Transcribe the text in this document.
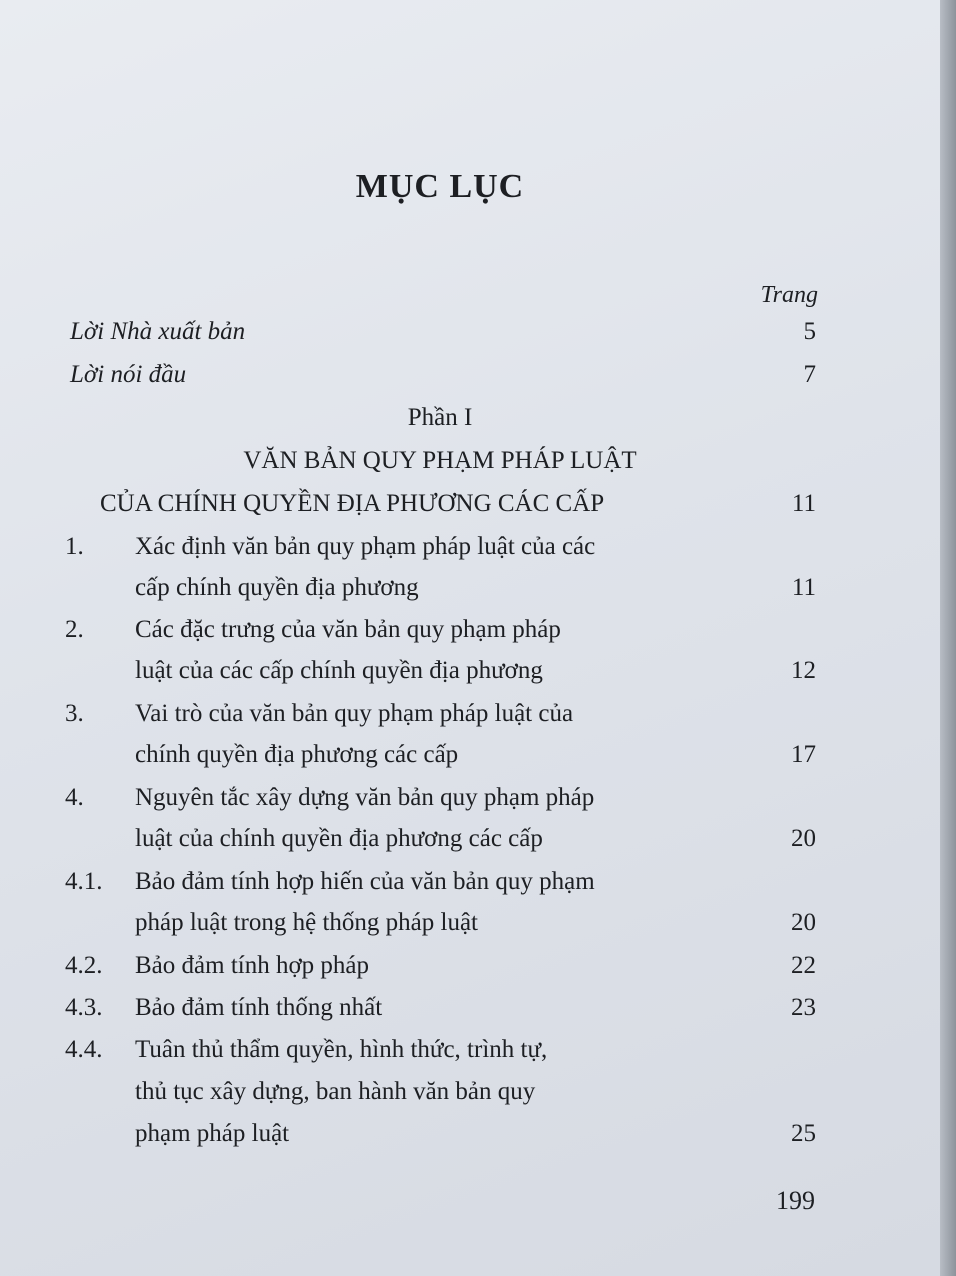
MỤC LỤC
Trang
Lời Nhà xuất bản	5
Lời nói đầu	7
Phần I
VĂN BẢN QUY PHẠM PHÁP LUẬT
CỦA CHÍNH QUYỀN ĐỊA PHƯƠNG CÁC CẤP	11
1. Xác định văn bản quy phạm pháp luật của các
cấp chính quyền địa phương	11
2. Các đặc trưng của văn bản quy phạm pháp
luật của các cấp chính quyền địa phương	12
3. Vai trò của văn bản quy phạm pháp luật của
chính quyền địa phương các cấp	17
4. Nguyên tắc xây dựng văn bản quy phạm pháp
luật của chính quyền địa phương các cấp	20
4.1. Bảo đảm tính hợp hiến của văn bản quy phạm
pháp luật trong hệ thống pháp luật	20
4.2. Bảo đảm tính hợp pháp	22
4.3. Bảo đảm tính thống nhất	23
4.4. Tuân thủ thẩm quyền, hình thức, trình tự,
thủ tục xây dựng, ban hành văn bản quy
phạm pháp luật	25
199
